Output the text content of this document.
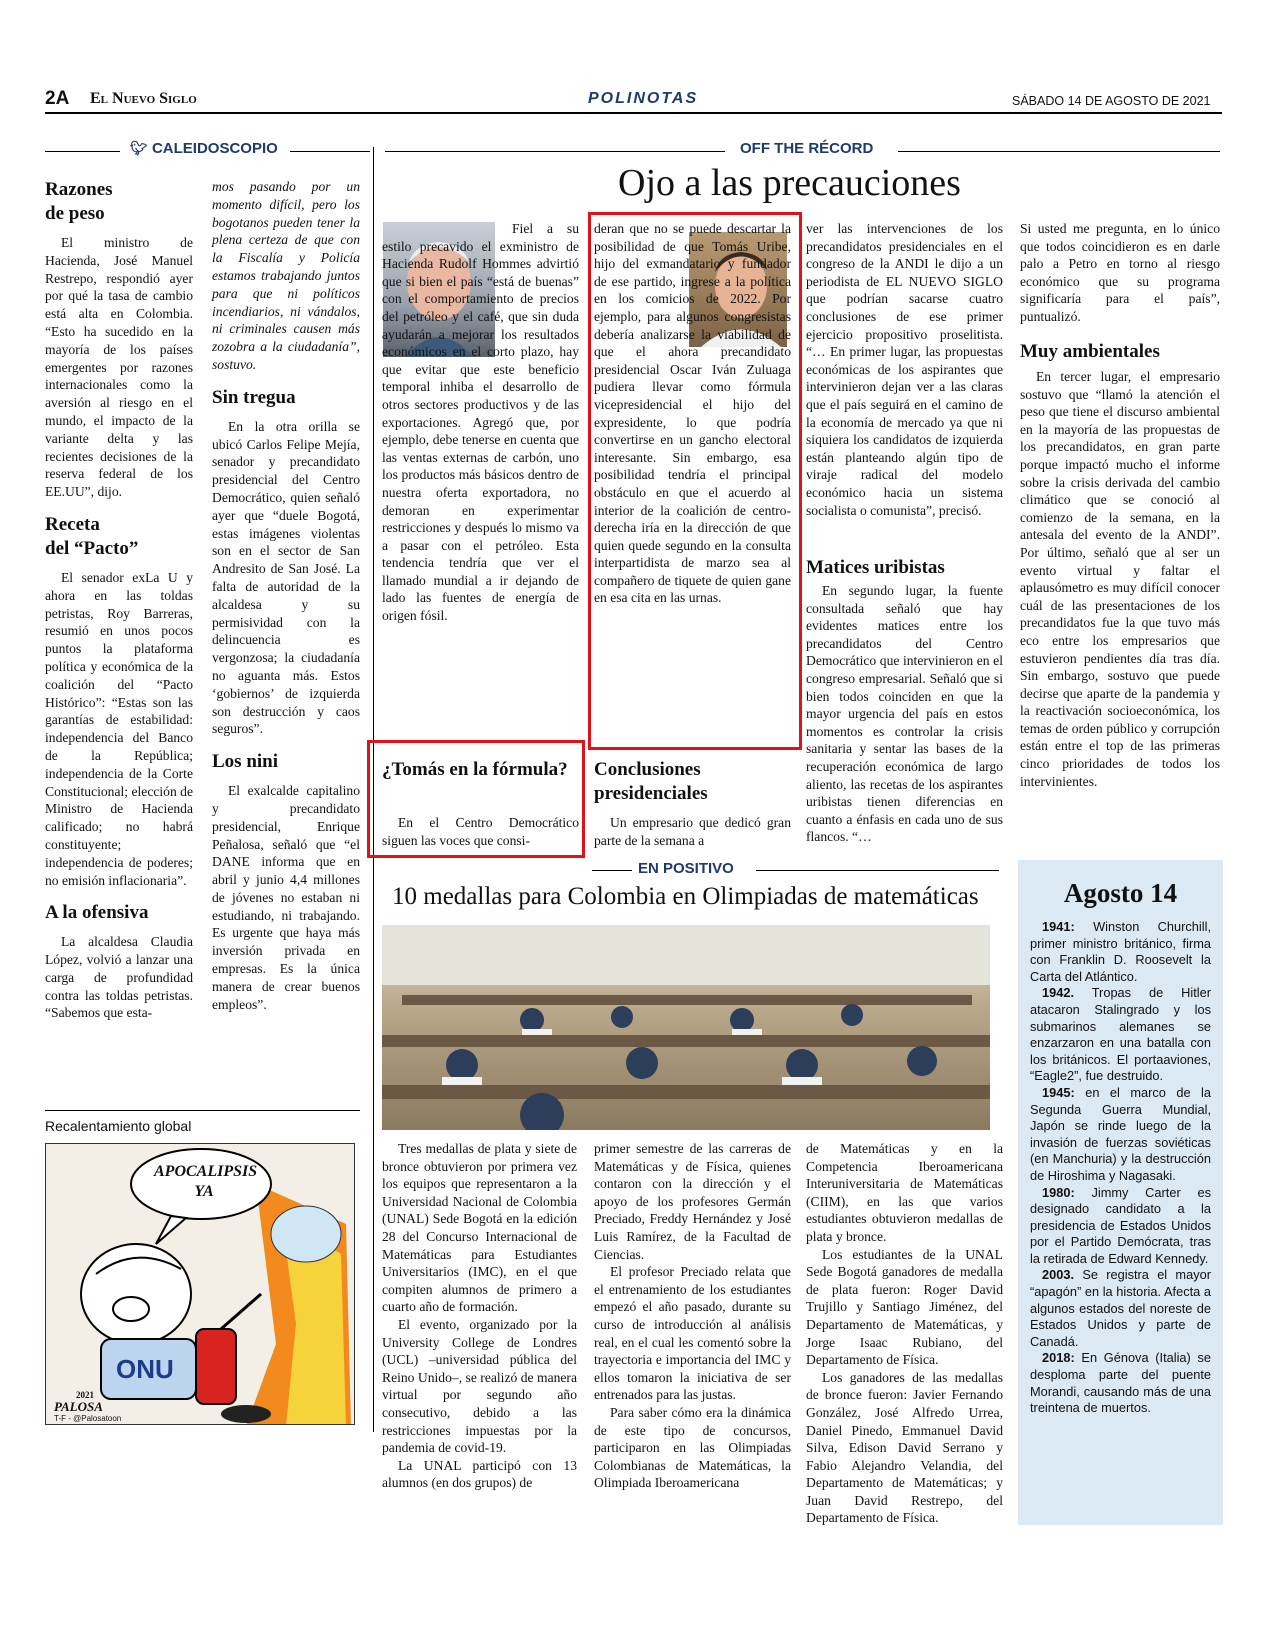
2A El Nuevo Siglo	POLINOTAS	SÁBADO 14 DE AGOSTO DE 2021
🐦︎ CALEIDOSCOPIO
Razones
de peso

El ministro de Hacienda, José Manuel Restrepo, respondió ayer por qué la tasa de cambio está alta en Colombia. “Esto ha sucedido en la mayoría de los países emergentes por razones internacionales como la aversión al riesgo en el mundo, el impacto de la variante delta y las recientes decisiones de la reserva federal de los EE.UU”, dijo.

Receta
del “Pacto”

El senador exLa U y ahora en las toldas petristas, Roy Barreras, resumió en unos pocos puntos la plataforma política y económica de la coalición del “Pacto Histórico”: “Estas son las garantías de estabilidad: independencia del Banco de la República; independencia de la Corte Constitucional; elección de Ministro de Hacienda calificado; no habrá constituyente; independencia de poderes; no emisión inflacionaria”.

A la ofensiva

La alcaldesa Claudia López, volvió a lanzar una carga de profundidad contra las toldas petristas. “Sabemos que esta-

mos pasando por un momento difícil, pero los bogotanos pueden tener la plena certeza de que con la Fiscalía y Policía estamos trabajando juntos para que ni políticos incendiarios, ni vándalos, ni criminales causen más zozobra a la ciudadanía”, sostuvo.
Sin tregua

En la otra orilla se ubicó Carlos Felipe Mejía, senador y precandidato presidencial del Centro Democrático, quien señaló ayer que “duele Bogotá, estas imágenes violentas son en el sector de San Andresito de San José. La falta de autoridad de la alcaldesa y su permisividad con la delincuencia es vergonzosa; la ciudadanía no aguanta más. Estos ‘gobiernos’ de izquierda son destrucción y caos seguros”.

Los nini

El exalcalde capitalino y precandidato presidencial, Enrique Peñalosa, señaló que “el DANE informa que en abril y junio 4,4 millones de jóvenes no estaban ni estudiando, ni trabajando. Es urgente que haya más inversión privada en empresas. Es la única manera de crear buenos empleos”.

Recalentamiento global
APOCALIPSIS YA
ONU
2021
PALOSA
T-F - @Palosatoon
OFF THE RÉCORD
Ojo a las precauciones
Fiel a su estilo precavido el exministro de Hacienda Rudolf Hommes advirtió que si bien el país “está de buenas” con el comportamiento de precios del petróleo y el café, que sin duda ayudarán a mejorar los resultados económicos en el corto plazo, hay que evitar que este beneficio temporal inhiba el desarrollo de otros sectores productivos y de las exportaciones. Agregó que, por ejemplo, debe tenerse en cuenta que las ventas externas de carbón, uno los productos más básicos dentro de nuestra oferta exportadora, no demoran en experimentar restricciones y después lo mismo va a pasar con el petróleo. Esta tendencia tendría que ver el llamado mundial a ir dejando de lado las fuentes de energía de origen fósil.
deran que no se puede descartar la posibilidad de que Tomás Uribe, hijo del exmandatario y fundador de ese partido, ingrese a la política en los comicios de 2022. Por ejemplo, para algunos congresistas debería analizarse la viabilidad de que el ahora precandidato presidencial Oscar Iván Zuluaga pudiera llevar como fórmula vicepresidencial el hijo del expresidente, lo que podría convertirse en un gancho electoral interesante. Sin embargo, esa posibilidad tendría el principal obstáculo en que el acuerdo al interior de la coalición de centro-derecha iría en la dirección de que quien quede segundo en la consulta interpartidista de marzo sea al compañero de tiquete de quien gane en esa cita en las urnas.
ver las intervenciones de los precandidatos presidenciales en el congreso de la ANDI le dijo a un periodista de EL NUEVO SIGLO que podrían sacarse cuatro conclusiones de ese primer ejercicio propositivo proselitista. “… En primer lugar, las propuestas económicas de los aspirantes que intervinieron dejan ver a las claras que el país seguirá en el camino de la economía de mercado ya que ni siquiera los candidatos de izquierda están planteando algún tipo de viraje radical del modelo económico hacia un sistema socialista o comunista”, precisó.
Matices uribistas

En segundo lugar, la fuente consultada señaló que hay evidentes matices entre los precandidatos del Centro Democrático que intervinieron en el congreso empresarial. Señaló que si bien todos coinciden en que la mayor urgencia del país en estos momentos es controlar la crisis sanitaria y sentar las bases de la recuperación económica de largo aliento, las recetas de los aspirantes uribistas tienen diferencias en cuanto a énfasis en cada uno de sus flancos. “…

Si usted me pregunta, en lo único que todos coincidieron es en darle palo a Petro en torno al riesgo económico que su programa significaría para el país”, puntualizó.
Muy ambientales

En tercer lugar, el empresario sostuvo que “llamó la atención el peso que tiene el discurso ambiental en la mayoría de las propuestas de los precandidatos, en gran parte porque impactó mucho el informe sobre la crisis derivada del cambio climático que se conoció al comienzo de la semana, en la antesala del evento de la ANDI”. Por último, señaló que al ser un evento virtual y faltar el aplausómetro es muy difícil conocer cuál de las presentaciones de los precandidatos fue la que tuvo más eco entre los empresarios que estuvieron pendientes día tras día. Sin embargo, sostuvo que puede decirse que aparte de la pandemia y la reactivación socioeconómica, los temas de orden público y corrupción están entre el top de las primeras cinco prioridades de todos los intervinientes.

¿Tomás en la fórmula?

En el Centro Democrático siguen las voces que consi-

Conclusiones presidenciales

Un empresario que dedicó gran parte de la semana a

EN POSITIVO
10 medallas para Colombia en Olimpiadas de matemáticas

Tres medallas de plata y siete de bronce obtuvieron por primera vez los equipos que representaron a la Universidad Nacional de Colombia (UNAL) Sede Bogotá en la edición 28 del Concurso Internacional de Matemáticas para Estudiantes Universitarios (IMC), en el que compiten alumnos de primero a cuarto año de formación.

El evento, organizado por la University College de Londres (UCL) –universidad pública del Reino Unido–, se realizó de manera virtual por segundo año consecutivo, debido a las restricciones impuestas por la pandemia de covid-19.

La UNAL participó con 13 alumnos (en dos grupos) de

primer semestre de las carreras de Matemáticas y de Física, quienes contaron con la dirección y el apoyo de los profesores Germán Preciado, Freddy Hernández y José Luis Ramírez, de la Facultad de Ciencias.

El profesor Preciado relata que el entrenamiento de los estudiantes empezó el año pasado, durante su curso de introducción al análisis real, en el cual les comentó sobre la trayectoria e importancia del IMC y ellos tomaron la iniciativa de ser entrenados para las justas.

Para saber cómo era la dinámica de este tipo de concursos, participaron en las Olimpiadas Colombianas de Matemáticas, la Olimpiada Iberoamericana

de Matemáticas y en la Competencia Iberoamericana Interuniversitaria de Matemáticas (CIIM), en las que varios estudiantes obtuvieron medallas de plata y bronce.

Los estudiantes de la UNAL Sede Bogotá ganadores de medalla de plata fueron: Roger David Trujillo y Santiago Jiménez, del Departamento de Matemáticas, y Jorge Isaac Rubiano, del Departamento de Física.

Los ganadores de las medallas de bronce fueron: Javier Fernando González, José Alfredo Urrea, Daniel Pinedo, Emmanuel David Silva, Edison David Serrano y Fabio Alejandro Velandia, del Departamento de Matemáticas; y Juan David Restrepo, del Departamento de Física.

Agosto 14

1941: Winston Churchill, primer ministro británico, firma con Franklin D. Roosevelt la Carta del Atlántico.

1942. Tropas de Hitler atacaron Stalingrado y los submarinos alemanes se enzarzaron en una batalla con los británicos. El portaaviones, “Eagle2”, fue destruido.

1945: en el marco de la Segunda Guerra Mundial, Japón se rinde luego de la invasión de fuerzas soviéticas (en Manchuria) y la destrucción de Hiroshima y Nagasaki.

1980: Jimmy Carter es designado candidato a la presidencia de Estados Unidos por el Partido Demócrata, tras la retirada de Edward Kennedy.

2003. Se registra el mayor “apagón” en la historia. Afecta a algunos estados del noreste de Estados Unidos y parte de Canadá.

2018: En Génova (Italia) se desploma parte del puente Morandi, causando más de una treintena de muertos.
